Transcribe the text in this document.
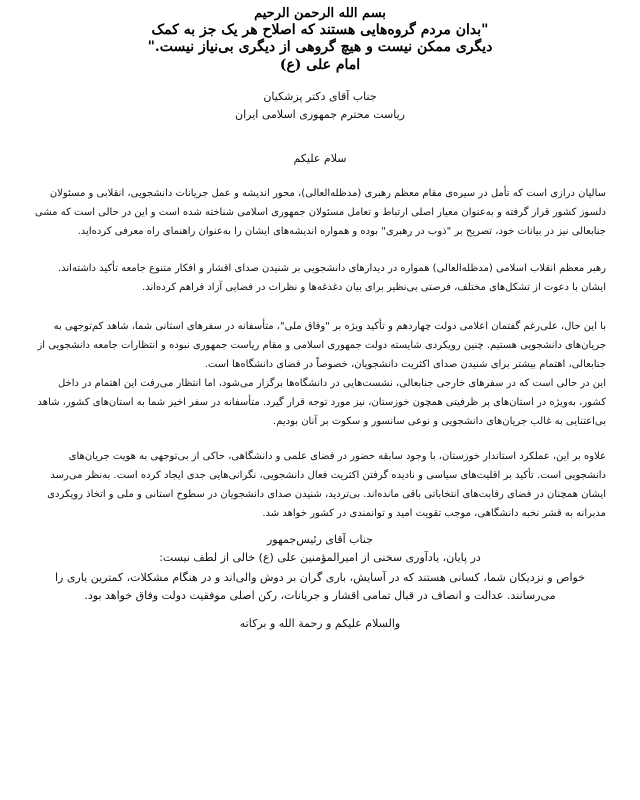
بسم الله الرحمن الرحیم
"بدان مردم گروه‌هایی هستند که اصلاح هر یک جز به کمک
دیگری ممکن نیست و هیچ گروهی از دیگری بی‌نیاز نیست."
امام علی (ع)
جناب آقای دکتر پزشکیان
ریاست محترم جمهوری اسلامی ایران
سلام علیکم

سالیان درازی است که تأمل در سیره‌ی مقام معظم رهبری (مدظله‌العالی)، محور اندیشه و عمل جریانات دانشجویی، انقلابی و مسئولان دلسوز کشور قرار گرفته و به‌عنوان معیار اصلی ارتباط و تعامل مسئولان جمهوری اسلامی شناخته شده است و این در حالی است که مشی جنابعالی نیز در بیانات خود، تصریح بر "ذوب در رهبری" بوده و همواره اندیشه‌های ایشان را به‌عنوان راهنمای راه معرفی کرده‌اید.

رهبر معظم انقلاب اسلامی (مدظله‌العالی) همواره در دیدارهای دانشجویی بر شنیدن صدای اقشار و افکار متنوع جامعه تأکید داشته‌اند. ایشان با دعوت از تشکل‌های مختلف، فرصتی بی‌نظیر برای بیان دغدغه‌ها و نظرات در فضایی آزاد فراهم کرده‌اند.

با این حال، علی‌رغم گفتمان اعلامی دولت چهاردهم و تأکید ویژه بر "وفاق ملی"، متأسفانه در سفرهای استانی شما، شاهد کم‌توجهی به جریان‌های دانشجویی هستیم. چنین رویکردی شایسته دولت جمهوری اسلامی و مقام ریاست جمهوری نبوده و انتظارات جامعه دانشجویی از جنابعالی، اهتمام بیشتر برای شنیدن صدای اکثریت دانشجویان، خصوصاً در فضای دانشگاه‌ها است.

این در حالی است که در سفرهای خارجی جنابعالی، نشست‌هایی در دانشگاه‌ها برگزار می‌شود، اما انتظار می‌رفت این اهتمام در داخل کشور، به‌ویژه در استان‌های پر ظرفیتی همچون خوزستان، نیز مورد توجه قرار گیرد. متأسفانه در سفر اخیر شما به استان‌های کشور، شاهد بی‌اعتنایی به غالب جریان‌های دانشجویی و نوعی سانسور و سکوت بر آنان بودیم.

علاوه بر این، عملکرد استاندار خوزستان، با وجود سابقه حضور در فضای علمی و دانشگاهی، حاکی از بی‌توجهی به هویت جریان‌های دانشجویی است. تأکید بر اقلیت‌های سیاسی و نادیده گرفتن اکثریت فعال دانشجویی، نگرانی‌هایی جدی ایجاد کرده است. به‌نظر می‌رسد ایشان همچنان در فضای رقابت‌های انتخاباتی باقی مانده‌اند. بی‌تردید، شنیدن صدای دانشجویان در سطوح استانی و ملی و اتخاذ رویکردی مدبرانه به قشر نخبه دانشگاهی، موجب تقویت امید و توانمندی در کشور خواهد شد.

جناب آقای رئیس‌جمهور
در پایان، یادآوری سخنی از امیرالمؤمنین علی (ع) خالی از لطف نیست:
خواص و نزدیکان شما، کسانی هستند که در آسایش، باری گران بر دوش والی‌اند و در هنگام مشکلات، کمترین یاری را می‌رسانند. عدالت و انصاف در قبال تمامی اقشار و جریانات، رکن اصلی موفقیت دولت وفاق خواهد بود.
والسلام علیکم و رحمة الله و برکاته
